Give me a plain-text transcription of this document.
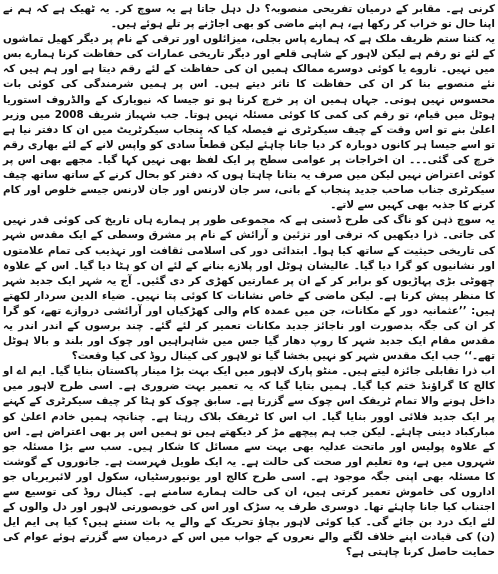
کرنی ہے۔ مقابر کے درمیان تفریحی منصوبہ؟ دل دہل جاتا ہے یہ سوچ کر۔ یہ ٹھیک ہے کہ ہم نے اپنا حال تو خراب کر رکھا ہے، ہم اپنے ماضی کو بھی اجاڑنے پر تلے ہوئے ہیں۔

یہ کتنا ستم ظریف ملک ہے کہ ہمارے پاس بجلی، میزائلوں اور ترقی کے نام پر دیگر کھیل تماشوں کے لئے تو رقم ہے لیکن لاہور کے شاہی قلعے اور دیگر تاریخی عمارات کی حفاظت کرنا ہمارے بس میں نہیں۔ ناروے یا کوئی دوسرے ممالک ہمیں ان کی حفاظت کے لئے رقم دیتا ہے اور ہم ہیں کہ نئے منصوبے بنا کر ان کی حفاظت کا تاثر دیتے ہیں۔ اس پر ہمیں شرمندگی کی کوئی بات محسوس نہیں ہوتی۔ جہاں ہمیں ان پر خرچ کرنا ہو تو جیسا کہ نیویارک کے والڈروف استوریا ہوٹل میں قیام، تو رقم کی کمی کا کوئی مسئلہ نہیں ہوتا۔ جب شہباز شریف 2008 میں وزیر اعلیٰ بنے تو اس وقت کے چیف سیکرٹری نے فیصلہ کیا کہ پنجاب سیکرٹریٹ میں ان کا دفتر نیا ہے تو اسے جیسا ہر کانوں دوبارہ کر دیا جانا چاہئے لیکن قطعاً سادی کو واپس لانے کے لئے بھاری رقم خرچ کی گئی۔۔۔ ان اخراجات پر عوامی سطح پر ایک لفظ بھی نہیں کہا گیا۔ مجھے بھی اس پر کوئی اعتراض نہیں لیکن میں صرف یہ بتانا چاہتا ہوں کہ دفتر کو بحال کرنے کے ساتھ ساتھ چیف سیکرٹری جناب صاحب جدید پنجاب کے بانی، سر جان لارنس اور جان لارنس جیسے خلوص اور کام کرنے کا جذبہ بھی کہیں سے لاتے۔

یہ سوچ ذہن کو ناگ کی طرح ڈستی ہے کہ مجموعی طور پر ہمارے ہاں تاریخ کی کوئی قدر نہیں کی جاتی۔ ذرا دیکھیں کہ ترقی اور تزئین و آرائش کے نام پر مشرق وسطی کے ایک مقدس شہر کی تاریخی حیثیت کے ساتھ کیا ہوا۔ ابتدائی دور کی اسلامی ثقافت اور تہذیب کی تمام علامتوں اور نشانیوں کو گرا دیا گیا۔ عالیشان ہوٹل اور پلازے بنانے کے لئے ان کو ہٹا دیا گیا۔ اس کے علاوہ چھوٹی بڑی پہاڑیوں کو برابر کر کے ان پر عمارتیں کھڑی کر دی گئیں۔ آج یہ شہر ایک جدید شہر کا منظر پیش کرتا ہے۔ لیکن ماضی کے خاص نشانات کا کوئی پتا نہیں۔ ضیاء الدین سردار لکھتے ہیں: ’’عثمانیہ دور کے مکانات، جن میں عمدہ کام والی کھڑکیاں اور آرائشی دروازے تھے، کو گرا کر ان کی جگہ بدصورت اور ناجائز جدید مکانات تعمیر کر لئے گئے۔ چند برسوں کے اندر اندر یہ مقدس مقام ایک جدید شہر کا روپ دھار گیا جس میں شاہراہیں اور چوک اور بلند و بالا ہوٹل تھے۔‘‘ جب ایک مقدس شہر کو نہیں بخشا گیا تو لاہور کی کینال روڈ کی کیا وقعت؟

اب ذرا تقابلی جائزہ لیتے ہیں۔ منٹو پارک لاہور میں ایک بہت بڑا مینار پاکستان بنایا گیا۔ ایم اے او کالج کا گراؤنڈ ختم کیا گیا۔ ہمیں بتایا گیا کہ یہ تعمیر بہت ضروری ہے۔ اسی طرح لاہور میں داخل ہونے والا تمام ٹریفک اس چوک سے گزرتا ہے۔ سابق چوک کو ہٹا کر چیف سیکرٹری کے کہنے پر ایک جدید فلائی اوور بنایا گیا۔ اب اس کا ٹریفک بلاک رہتا ہے۔ چنانچہ ہمیں خادم اعلیٰ کو مبارکباد دینی چاہئے۔ لیکن جب ہم پیچھے مڑ کر دیکھتے ہیں تو ہمیں اس پر بھی اعتراض ہے۔ اس کے علاوہ پولیس اور ماتحت عدلیہ بھی بہت سے مسائل کا شکار ہیں۔ سب سے بڑا مسئلہ جو شہروں میں ہے، وہ تعلیم اور صحت کی حالت ہے۔ یہ ایک طویل فہرست ہے۔ جانوروں کے گوشت کا مسئلہ بھی اپنی جگہ موجود ہے۔ اسی طرح کالج اور یونیورسٹیاں، سکول اور لائبریریاں جو اداروں کی خاموش تعمیر کرتی ہیں، ان کی حالت ہمارے سامنے ہے۔ کینال روڈ کی توسیع سے اجتناب کیا جانا چاہئے تھا۔ دوسری طرف یہ سڑک اور اس کی خوبصورتی لاہور اور دل والوں کے لئے ایک درد بن جائے گی۔ کیا کوئی لاہور بچاؤ تحریک کے والے یہ بات سنتے ہیں؟ کیا پی ایم ایل (ن) کی قیادت اپنے خلاف لگنے والے نعروں کے جواب میں اس کے درمیان سے گزرتے ہوئے عوام کی حمایت حاصل کرنا چاہتی ہے؟
